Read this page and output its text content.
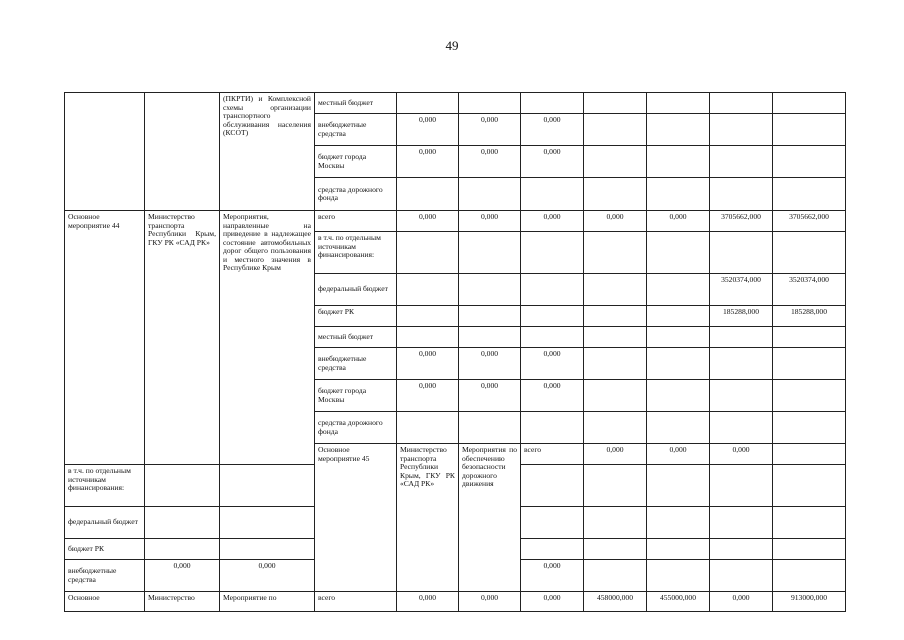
49
		(ПКРТИ) и Комплексной схемы организации транспортного обслуживания населения (КСОТ)	местный бюджет								
			внебюджетные средства	0,000	0,000	0,000					
			бюджет города Москвы	0,000	0,000	0,000					
			средства дорожного фонда								
Основное мероприятие 44	Министерство транспорта Республики Крым, ГКУ РК «САД РК»	Мероприятия, направленные на приведение в надлежащее состояние автомобильных дорог общего пользования и местного значения в Республике Крым	всего	0,000	0,000	0,000	0,000	0,000	3705662,000	3705662,000	
			в т.ч. по отдельным источникам финансирования:								
			федеральный бюджет						3520374,000	3520374,000	
			бюджет РК						185288,000	185288,000	
			местный бюджет								
			внебюджетные средства	0,000	0,000	0,000					
			бюджет города Москвы	0,000	0,000	0,000					
			средства дорожного фонда								
			Основное мероприятие 45	Министерство транспорта Республики Крым, ГКУ РК «САД РК»	Мероприятия по обеспечению безопасности дорожного движения	всего	0,000	0,000	0,000				
в т.ч. по отдельным источникам финансирования:											
федеральный бюджет											
бюджет РК											
внебюджетные средства	0,000	0,000				0,000					
Основное	Министерство	Мероприятие по	всего	0,000	0,000	0,000	458000,000	455000,000	0,000	913000,000	
